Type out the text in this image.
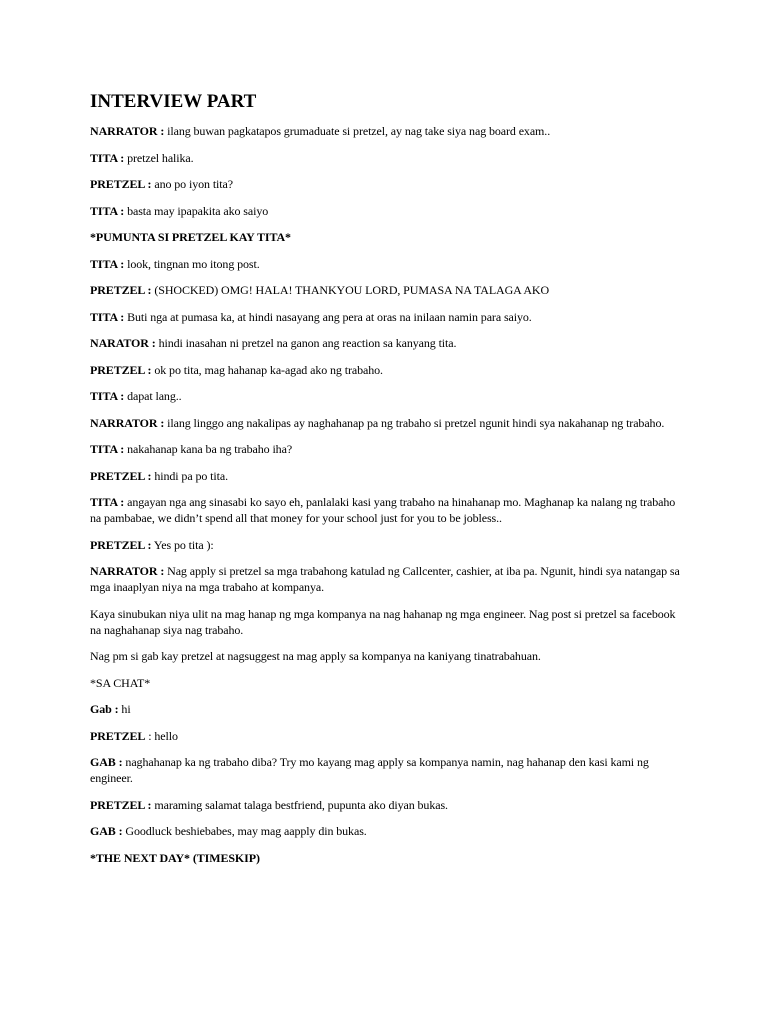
INTERVIEW PART

NARRATOR : ilang buwan pagkatapos grumaduate si pretzel, ay nag take siya nag board exam..

TITA : pretzel halika.

PRETZEL : ano po iyon tita?

TITA : basta may ipapakita ako saiyo

*PUMUNTA SI PRETZEL KAY TITA*

TITA : look, tingnan mo itong post.

PRETZEL : (SHOCKED) OMG! HALA! THANKYOU LORD, PUMASA NA TALAGA AKO

TITA : Buti nga at pumasa ka, at hindi nasayang ang pera at oras na inilaan namin para saiyo.

NARATOR : hindi inasahan ni pretzel na ganon ang reaction sa kanyang tita.

PRETZEL : ok po tita, mag hahanap ka-agad ako ng trabaho.

TITA : dapat lang..

NARRATOR : ilang linggo ang nakalipas ay naghahanap pa ng trabaho si pretzel ngunit hindi sya nakahanap ng trabaho.

TITA : nakahanap kana ba ng trabaho iha?

PRETZEL : hindi pa po tita.

TITA : angayan nga ang sinasabi ko sayo eh, panlalaki kasi yang trabaho na hinahanap mo. Maghanap ka nalang ng trabaho na pambabae, we didn’t spend all that money for your school just for you to be jobless..

PRETZEL : Yes po tita ):

NARRATOR : Nag apply si pretzel sa mga trabahong katulad ng Callcenter, cashier, at iba pa. Ngunit, hindi sya natangap sa mga inaaplyan niya na mga trabaho at kompanya.

Kaya sinubukan niya ulit na mag hanap ng mga kompanya na nag hahanap ng mga engineer. Nag post si pretzel sa facebook na naghahanap siya nag trabaho.

Nag pm si gab kay pretzel at nagsuggest na mag apply sa kompanya na kaniyang tinatrabahuan.

*SA CHAT*

Gab : hi

PRETZEL : hello

GAB : naghahanap ka ng trabaho diba? Try mo kayang mag apply sa kompanya namin, nag hahanap den kasi kami ng engineer.

PRETZEL : maraming salamat talaga bestfriend, pupunta ako diyan bukas.

GAB : Goodluck beshiebabes, may mag aapply din bukas.

*THE NEXT DAY* (TIMESKIP)
